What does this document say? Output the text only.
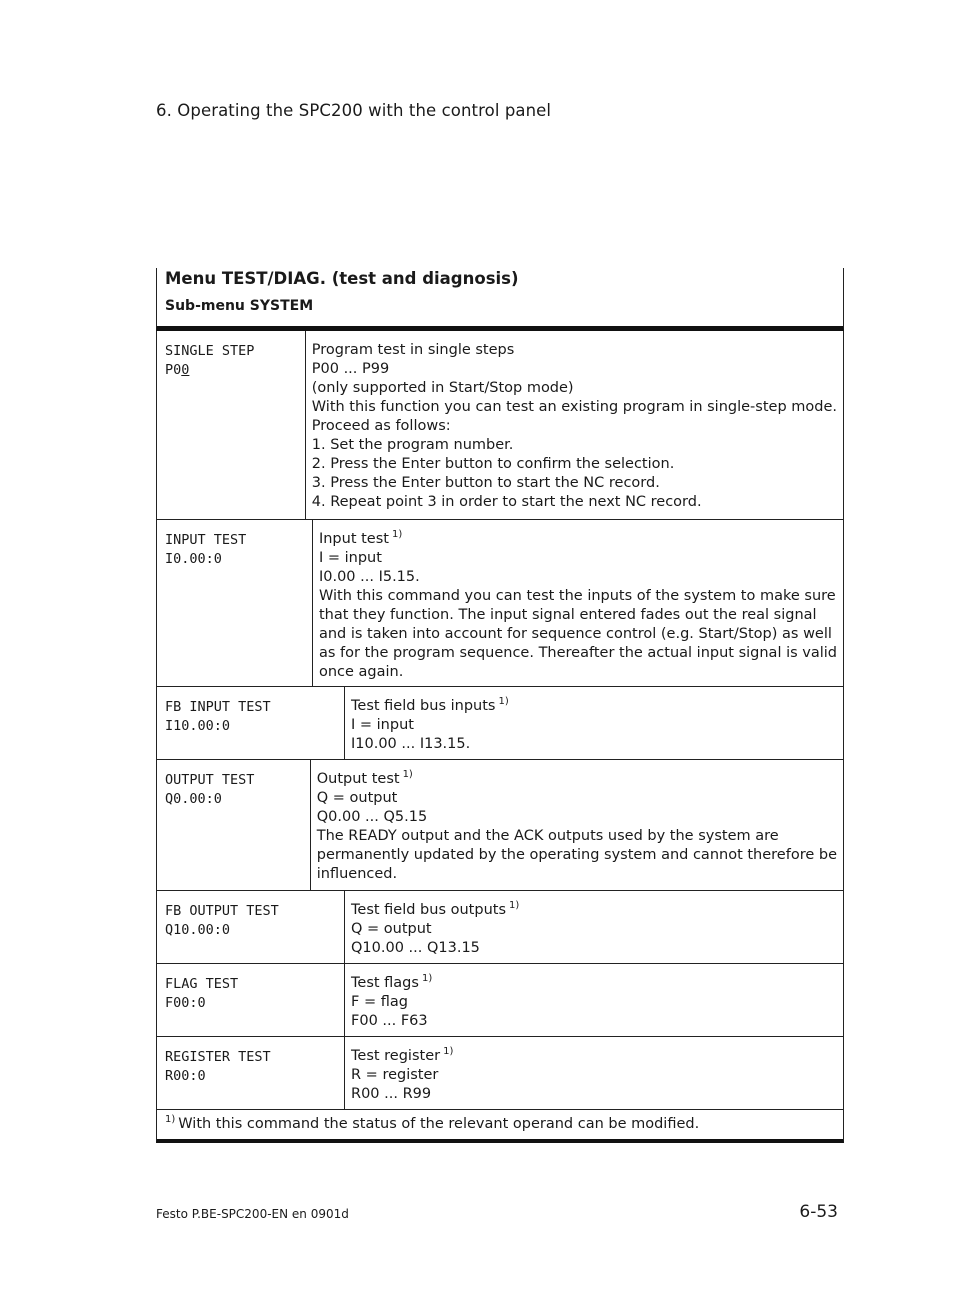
6. Operating the SPC200 with the control panel
Menu TEST/DIAG. (test and diagnosis)
Sub-menu SYSTEM
SINGLE STEP
P00
Program test in single steps
P00 ... P99
(only supported in Start/Stop mode)
With this function you can test an existing program in single-step mode.
Proceed as follows:
1. Set the program number.
2. Press the Enter button to confirm the selection.
3. Press the Enter button to start the NC record.
4. Repeat point 3 in order to start the next NC record.
INPUT TEST
I0.00:0
Input test $^{1)}$
I = input
I0.00 ... I5.15.
With this command you can test the inputs of the system to make sure
that they function. The input signal entered fades out the real signal
and is taken into account for sequence control (e.g. Start/Stop) as well
as for the program sequence. Thereafter the actual input signal is valid
once again.
FB INPUT TEST
I10.00:0
Test field bus inputs $^{1)}$
I = input
I10.00 ... I13.15.
OUTPUT TEST
Q0.00:0
Output test $^{1)}$
Q = output
Q0.00 ... Q5.15
The READY output and the ACK outputs used by the system are
permanently updated by the operating system and cannot therefore be
influenced.
FB OUTPUT TEST
Q10.00:0
Test field bus outputs $^{1)}$
Q = output
Q10.00 ... Q13.15
FLAG TEST
F00:0
Test flags $^{1)}$
F = flag
F00 ... F63
REGISTER TEST
R00:0
Test register $^{1)}$
R = register
R00 ... R99
$^{1)}$ With this command the status of the relevant operand can be modified.
Festo P.BE-SPC200-EN en 0901d	6-53
